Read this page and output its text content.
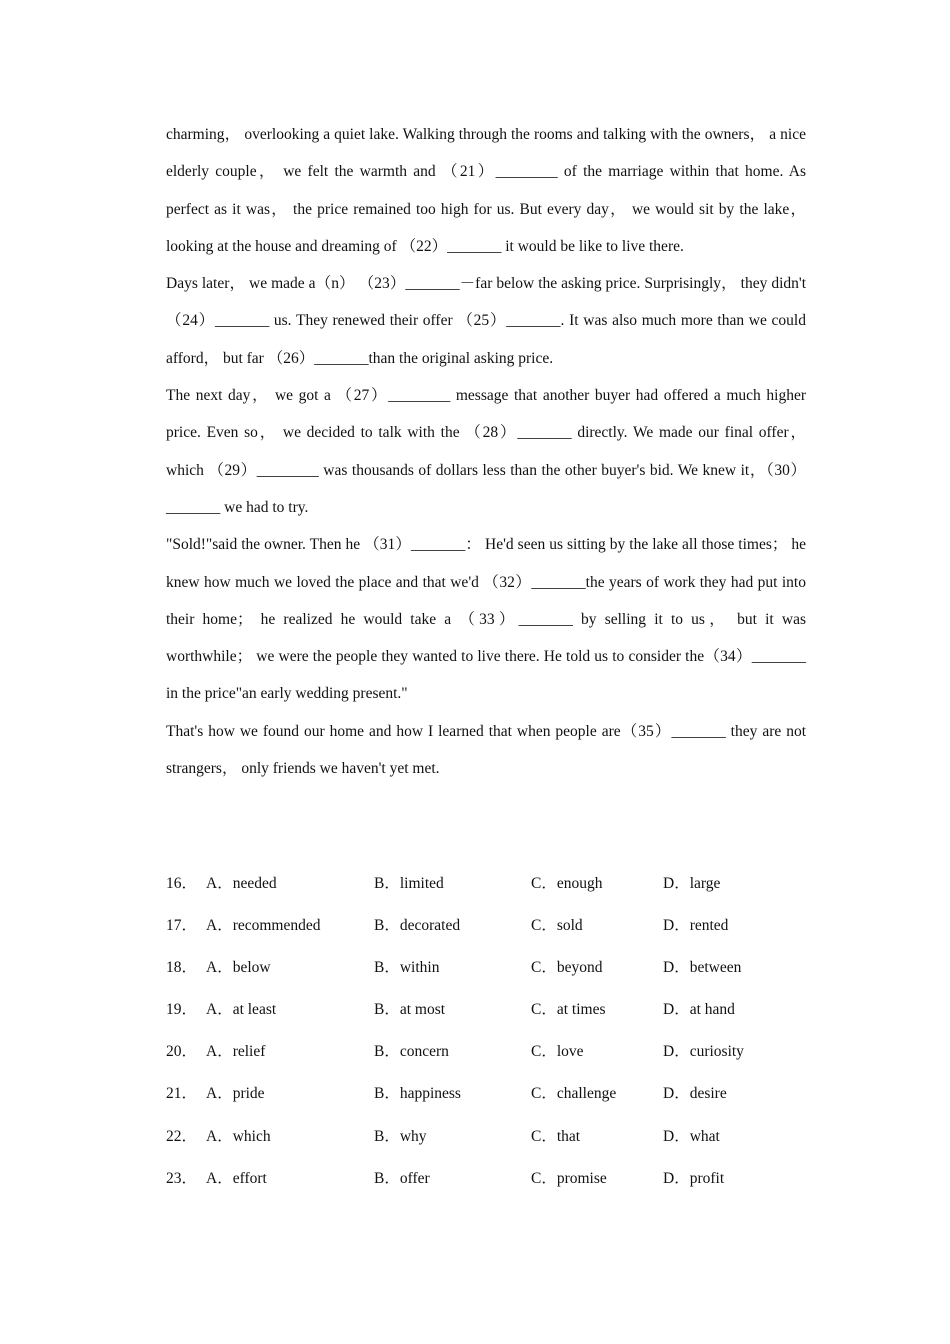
charming， overlooking a quiet lake. Walking through the rooms and talking with the owners， a nice elderly couple， we felt the warmth and （21）________ of the marriage within that home. As perfect as it was， the price remained too high for us. But every day， we would sit by the lake， looking at the house and dreaming of （22）_______ it would be like to live there.

Days later， we made a（n） （23）_______－far below the asking price. Surprisingly， they didn't （24）_______ us. They renewed their offer （25）_______. It was also much more than we could afford， but far （26）_______than the original asking price.

The next day， we got a （27）________ message that another buyer had offered a much higher price. Even so， we decided to talk with the （28）_______ directly. We made our final offer， which （29）________ was thousands of dollars less than the other buyer's bid. We knew it，（30）_______ we had to try.

"Sold!"said the owner. Then he （31）_______： He'd seen us sitting by the lake all those times； he knew how much we loved the place and that we'd （32）_______the years of work they had put into their home； he realized he would take a （33）_______ by selling it to us， but it was worthwhile； we were the people they wanted to live there. He told us to consider the（34）_______ in the price"an early wedding present."

That's how we found our home and how I learned that when people are（35）_______ they are not strangers， only friends we haven't yet met.

16． A．needed	B．limited	C．enough	D．large
17． A．recommended	B．decorated	C．sold	D．rented
18． A．below	B．within	C．beyond	D．between
19． A．at least	B．at most	C．at times	D．at hand
20． A．relief	B．concern	C．love	D．curiosity
21． A．pride	B．happiness	C．challenge	D．desire
22． A．which	B．why	C．that	D．what
23． A．effort	B．offer	C．promise	D．profit
